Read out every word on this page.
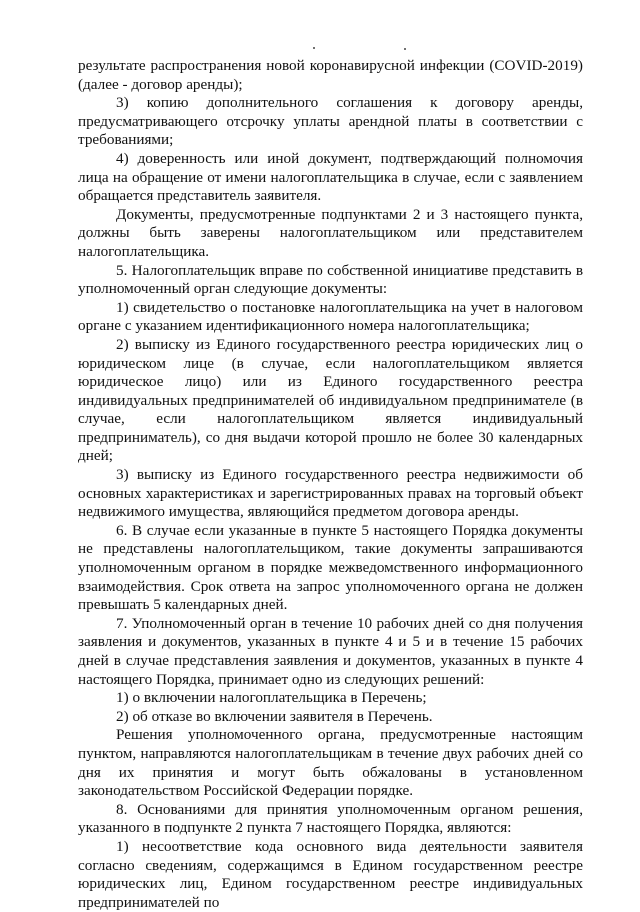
результате распространения новой коронавирусной инфекции (COVID-2019) (далее - договор аренды);

3) копию дополнительного соглашения к договору аренды, предусматривающего отсрочку уплаты арендной платы в соответствии с требованиями;

4) доверенность или иной документ, подтверждающий полномочия лица на обращение от имени налогоплательщика в случае, если с заявлением обращается представитель заявителя.

Документы, предусмотренные подпунктами 2 и 3 настоящего пункта, должны быть заверены налогоплательщиком или представителем налогоплательщика.

5. Налогоплательщик вправе по собственной инициативе представить в уполномоченный орган следующие документы:

1) свидетельство о постановке налогоплательщика на учет в налоговом органе с указанием идентификационного номера налогоплательщика;

2) выписку из Единого государственного реестра юридических лиц о юридическом лице (в случае, если налогоплательщиком является юридическое лицо) или из Единого государственного реестра индивидуальных предпринимателей об индивидуальном предпринимателе (в случае, если налогоплательщиком является индивидуальный предприниматель), со дня выдачи которой прошло не более 30 календарных дней;

3) выписку из Единого государственного реестра недвижимости об основных характеристиках и зарегистрированных правах на торговый объект недвижимого имущества, являющийся предметом договора аренды.

6. В случае если указанные в пункте 5 настоящего Порядка документы не представлены налогоплательщиком, такие документы запрашиваются уполномоченным органом в порядке межведомственного информационного взаимодействия. Срок ответа на запрос уполномоченного органа не должен превышать 5 календарных дней.

7. Уполномоченный орган в течение 10 рабочих дней со дня получения заявления и документов, указанных в пункте 4 и 5 и в течение 15 рабочих дней в случае представления заявления и документов, указанных в пункте 4 настоящего Порядка, принимает одно из следующих решений:

1) о включении налогоплательщика в Перечень;

2) об отказе во включении заявителя в Перечень.

Решения уполномоченного органа, предусмотренные настоящим пунктом, направляются налогоплательщикам в течение двух рабочих дней со дня их принятия и могут быть обжалованы в установленном законодательством Российской Федерации порядке.

8. Основаниями для принятия уполномоченным органом решения, указанного в подпункте 2 пункта 7 настоящего Порядка, являются:

1) несоответствие кода основного вида деятельности заявителя согласно сведениям, содержащимся в Едином государственном реестре юридических лиц, Едином государственном реестре индивидуальных предпринимателей по
